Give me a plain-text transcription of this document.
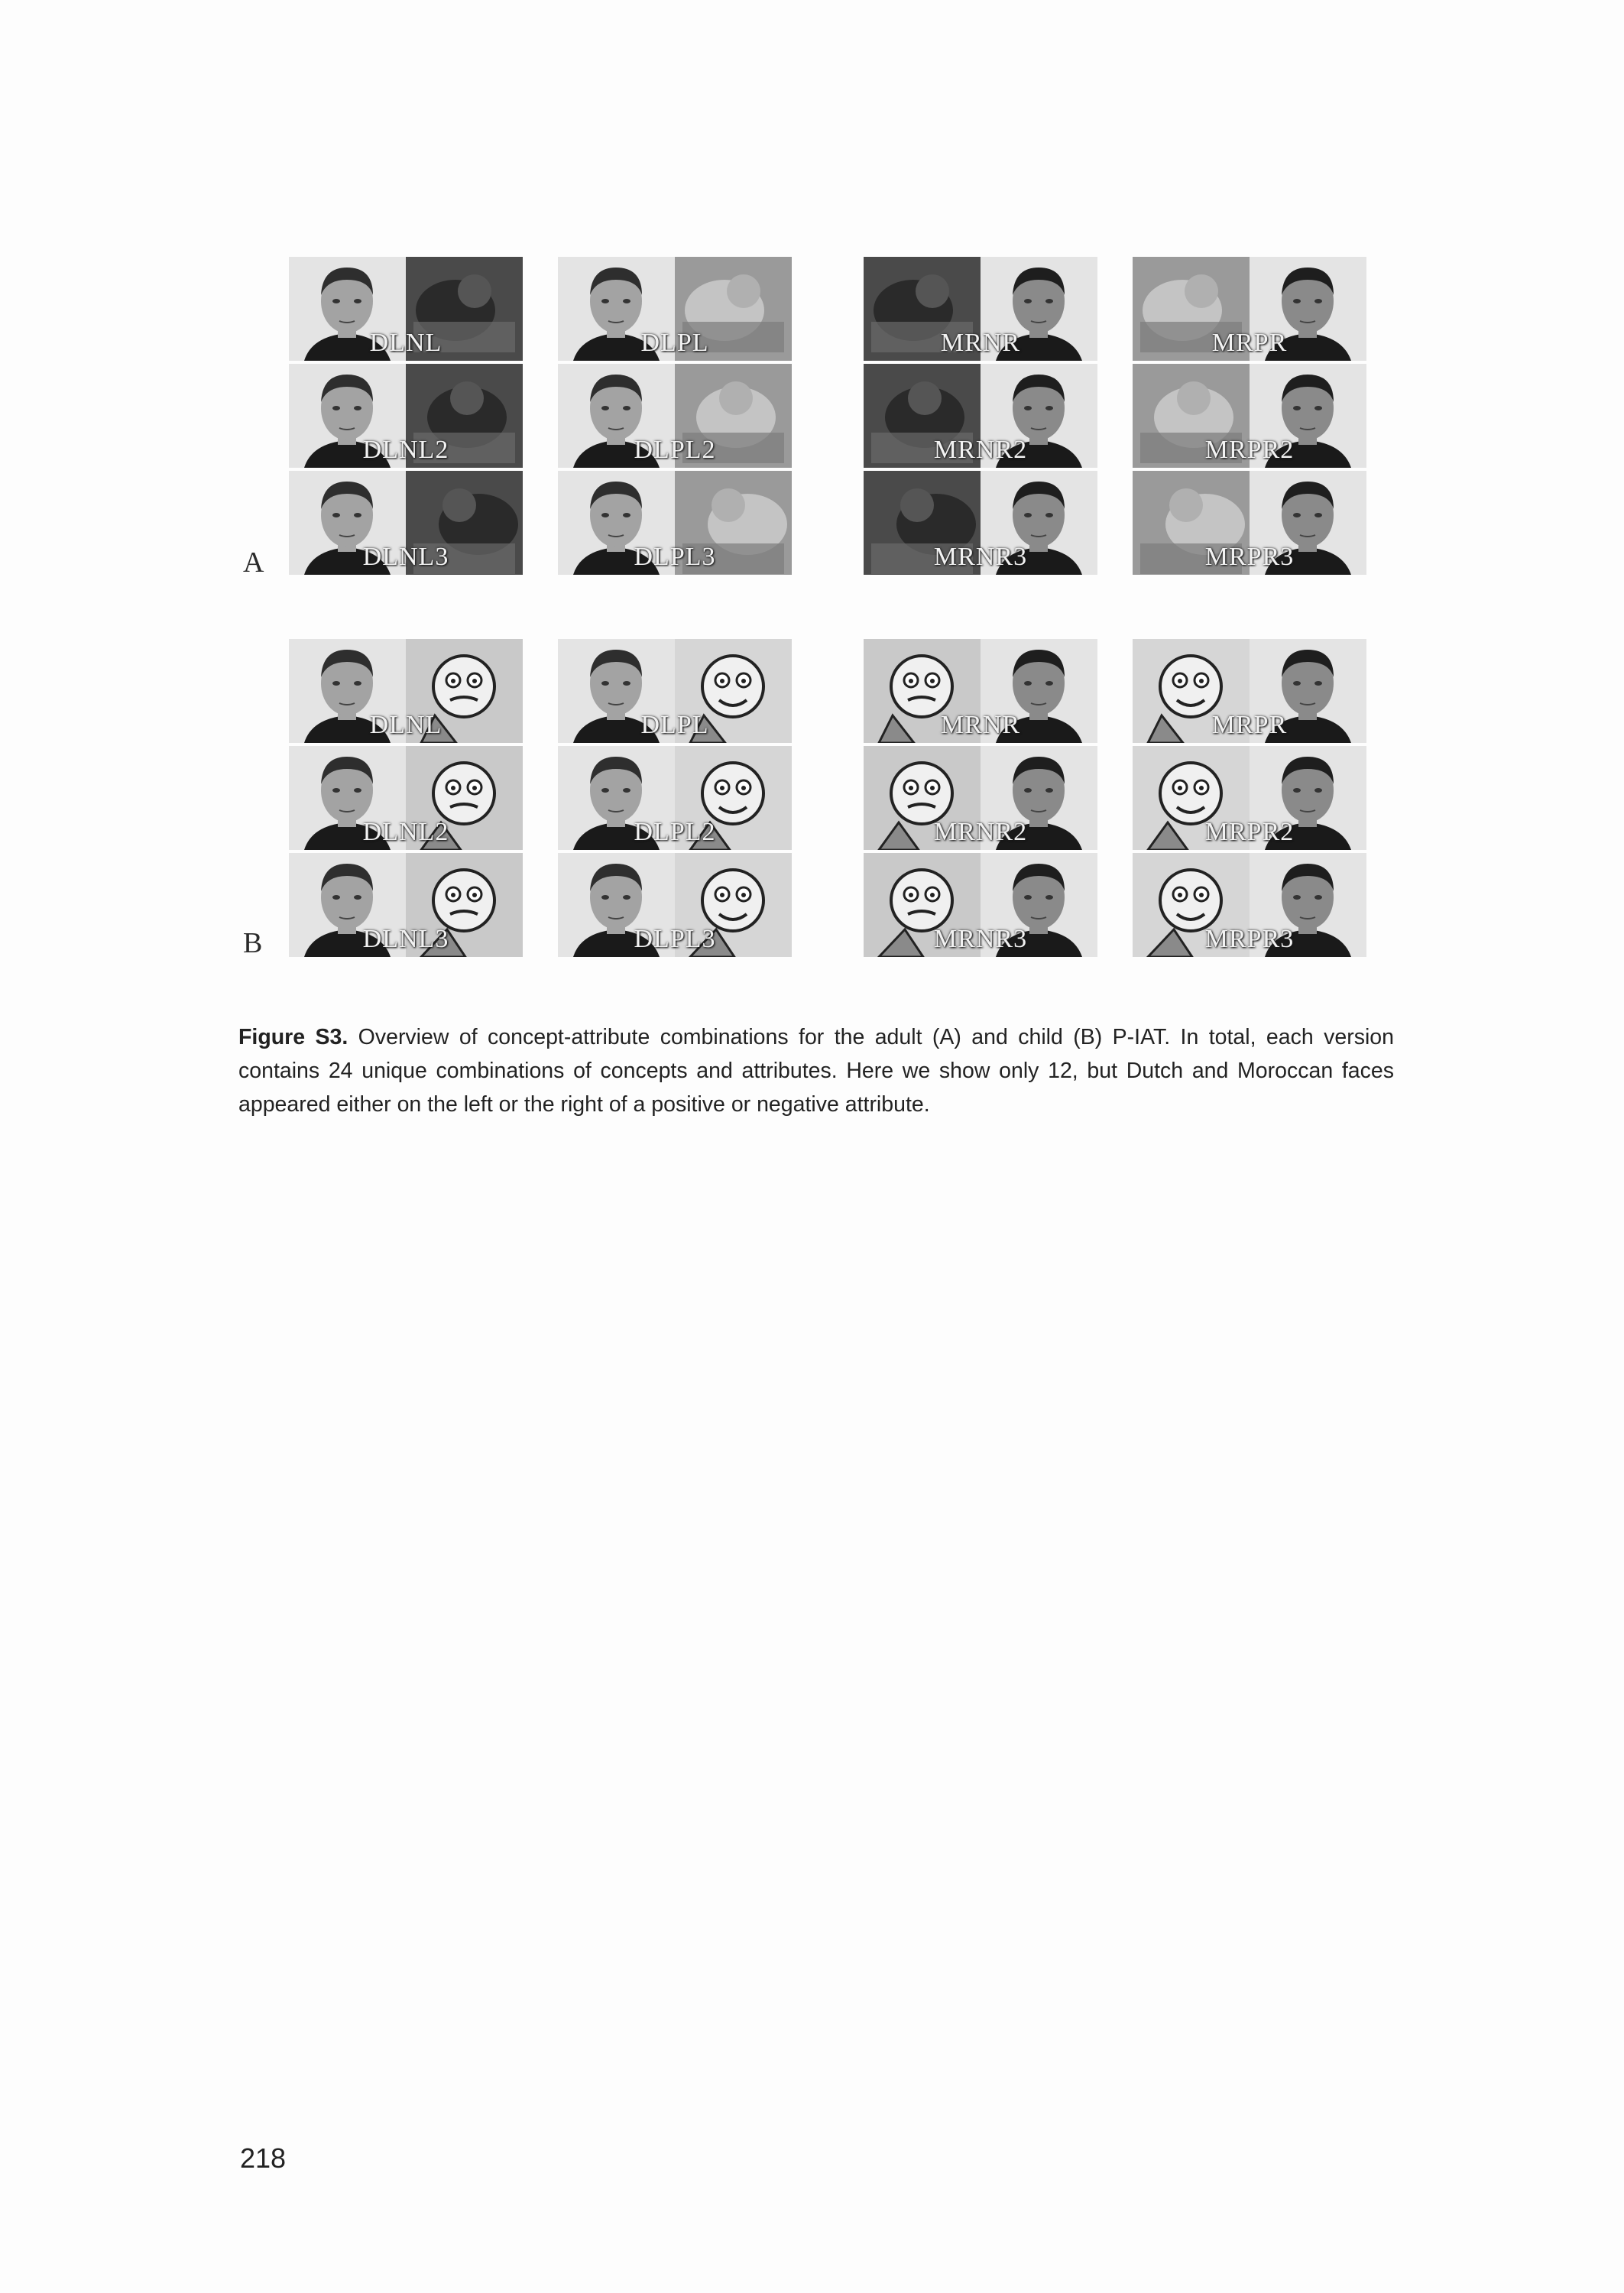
A
DLNL
DLNL2
DLNL3
DLPL
DLPL2
DLPL3
MRNR
MRNR2
MRNR3
MRPR
MRPR2
MRPR3
B
DLNL
DLNL2
DLNL3
DLPL
DLPL2
DLPL3
MRNR
MRNR2
MRNR3
MRPR
MRPR2
MRPR3
Figure S3. Overview of concept-attribute combinations for the adult (A) and child (B) P-IAT. In total, each version contains 24 unique combinations of concepts and attributes. Here we show only 12, but Dutch and Moroccan faces appeared either on the left or the right of a positive or negative attribute.
218
